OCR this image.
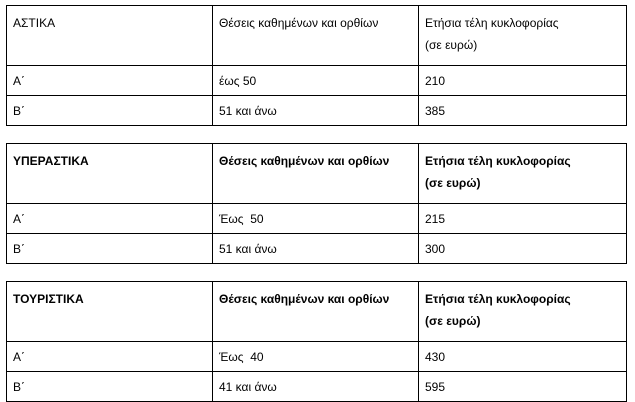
ΑΣΤΙΚΑ	Θέσεις καθημένων και ορθίων	Ετήσια τέλη κυκλοφορίας
(σε ευρώ)

Α΄	έως 50	210
Β΄	51 και άνω	385
ΥΠΕΡΑΣΤΙΚΑ	Θέσεις καθημένων και ορθίων	Ετήσια τέλη κυκλοφορίας
(σε ευρώ)

Α΄	Έως  50	215
Β΄	51 και άνω	300
ΤΟΥΡΙΣΤΙΚΑ	Θέσεις καθημένων και ορθίων	Ετήσια τέλη κυκλοφορίας
(σε ευρώ)

Α΄	Έως  40	430
Β΄	41 και άνω	595
